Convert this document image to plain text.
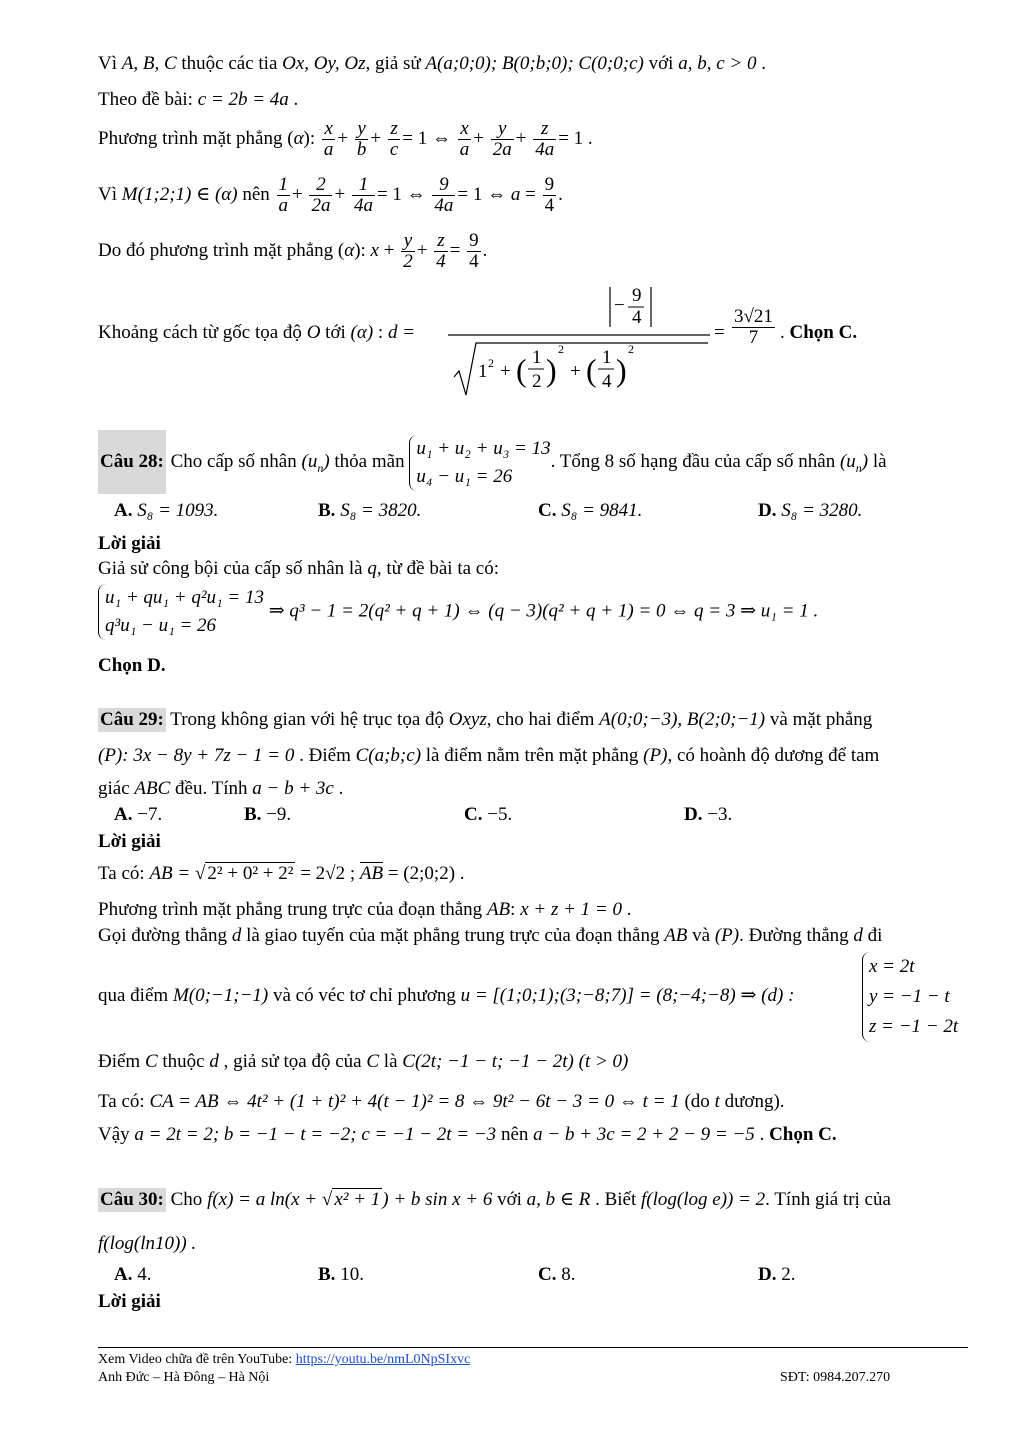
Vì A, B, C thuộc các tia Ox, Oy, Oz, giả sử A(a;0;0); B(0;b;0); C(0;0;c) với a, b, c > 0 .
Theo đề bài: c = 2b = 4a .
Phương trình mặt phẳng (α): $\frac{x}{a} + \frac{y}{b} + \frac{z}{c} = 1$ ⇔ $\frac{x}{a} + \frac{y}{2a} + \frac{z}{4a} = 1$ .
Vì M(1;2;1) ∈ (α) nên $\frac{1}{a} + \frac{2}{2a} + \frac{1}{4a} = 1$ ⇔ $\frac{9}{4a} = 1$ ⇔ $a = \frac{9}{4}$ .
Do đó phương trình mặt phẳng (α): $x + \frac{y}{2} + \frac{z}{4} = \frac{9}{4}$ .
Khoảng cách từ gốc tọa độ O tới (α) : d =
− 9
4
1 2 + ( 1
2 )
2
+ ( 1
4 )
2
= $\frac{3√21}{7}$ . Chọn C.
Câu 28: Cho cấp số nhân $(u_n)$ thỏa mãn
u₁ + u₂ + u₃ = 13
u₄ − u₁ = 26
. Tổng 8 số hạng đầu của cấp số nhân $(u_n)$ là
A. S₈ = 1093.	B. S₈ = 3820.	C. S₈ = 9841.	D. S₈ = 3280.
Lời giải
Giả sử công bội của cấp số nhân là q, từ đề bài ta có:
u₁ + qu₁ + q²u₁ = 13
q³u₁ − u₁ = 26
⇒ q³ − 1 = 2(q² + q + 1) ⇔ (q − 3)(q² + q + 1) = 0 ⇔ q = 3 ⇒ u₁ = 1 .
Chọn D.
Câu 29: Trong không gian với hệ trục tọa độ Oxyz, cho hai điểm A(0;0;−3), B(2;0;−1) và mặt phẳng
(P): 3x − 8y + 7z − 1 = 0 . Điểm C(a;b;c) là điểm nằm trên mặt phẳng (P), có hoành độ dương để tam
giác ABC đều. Tính a − b + 3c .
A. −7.	B. −9.	C. −5.	D. −3.
Lời giải
Ta có: AB = √ 2² + 0² + 2² = 2√2 ; AB = (2;0;2) .
Phương trình mặt phẳng trung trực của đoạn thẳng AB: x + z + 1 = 0 .
Gọi đường thẳng d là giao tuyến của mặt phẳng trung trực của đoạn thẳng AB và (P). Đường thẳng d đi
qua điểm M(0;−1;−1) và có véc tơ chỉ phương u = [(1;0;1);(3;−8;7)] = (8;−4;−8) ⇒ (d) :
x = 2t
y = −1 − t
z = −1 − 2t
Điểm C thuộc d , giả sử tọa độ của C là C(2t; −1 − t; −1 − 2t) (t > 0)
Ta có: CA = AB ⇔ 4t² + (1 + t)² + 4(t − 1)² = 8 ⇔ 9t² − 6t − 3 = 0 ⇔ t = 1 (do t dương).
Vậy a = 2t = 2; b = −1 − t = −2; c = −1 − 2t = −3 nên a − b + 3c = 2 + 2 − 9 = −5 . Chọn C.
Câu 30: Cho f(x) = a ln(x + √ x² + 1 ) + b sin x + 6 với a, b ∈ R . Biết f(log(log e)) = 2. Tính giá trị của
f(log(ln10)) .
A. 4.	B. 10.	C. 8.	D. 2.
Lời giải
Xem Video chữa đề trên YouTube: https://youtu.be/nmL0NpSIxvc
Anh Đức – Hà Đông – Hà Nội	SĐT: 0984.207.270
